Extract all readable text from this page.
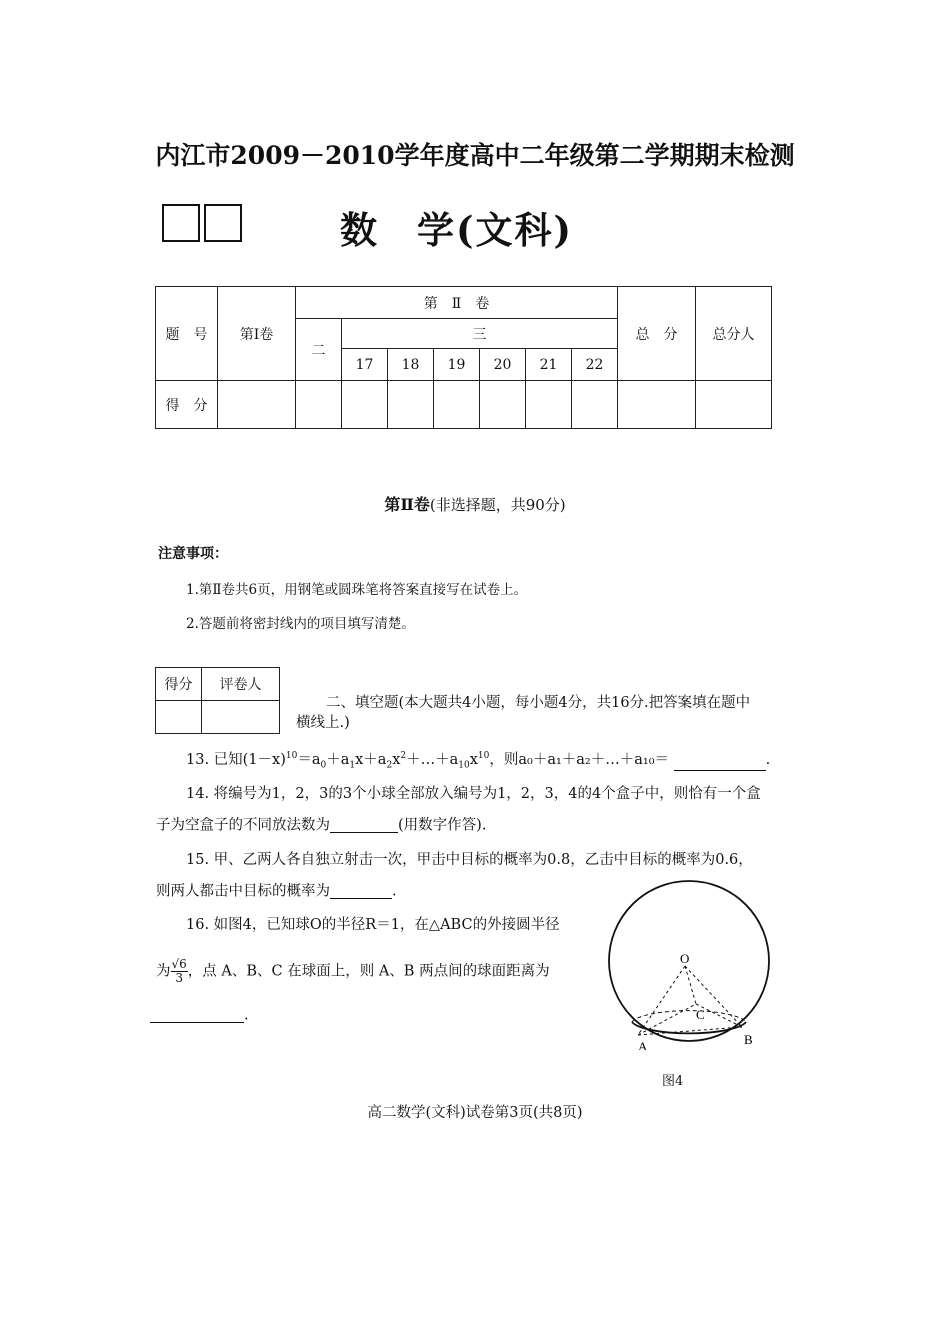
内江市2009－2010学年度高中二年级第二学期期末检测
数 学(文科)
题　号	第Ⅰ卷	第　Ⅱ　卷							总　分	总分人
		二	三							
			17	18	19	20	21	22		
得　分										
第Ⅱ卷(非选择题，共90分)
注意事项：
1.第Ⅱ卷共6页，用钢笔或圆珠笔将答案直接写在试卷上。
2.答题前将密封线内的项目填写清楚。
得分	评卷人

二、填空题(本大题共4小题，每小题4分，共16分.把答案填在题中
横线上.)
13. 已知$(1-x)^{10}=a_0+a_1x+a_2x^2+\dots+a_{10}x^{10}$，则a₀＋a₁＋a₂＋…＋a₁₀＝	.
14. 将编号为1，2，3的3个小球全部放入编号为1，2，3，4的4个盒子中，则恰有一个盒
子为空盒子的不同放法数为	(用数字作答).
15. 甲、乙两人各自独立射击一次，甲击中目标的概率为0.8，乙击中目标的概率为0.6，
则两人都击中目标的概率为	.
16. 如图4，已知球O的半径R＝1，在△ABC的外接圆半径
为 $\frac{√6}{3}$ ，点 A、B、C 在球面上，则 A、B 两点间的球面距离为
.
O
C
A	B
图4
高二数学(文科)试卷第3页(共8页)
